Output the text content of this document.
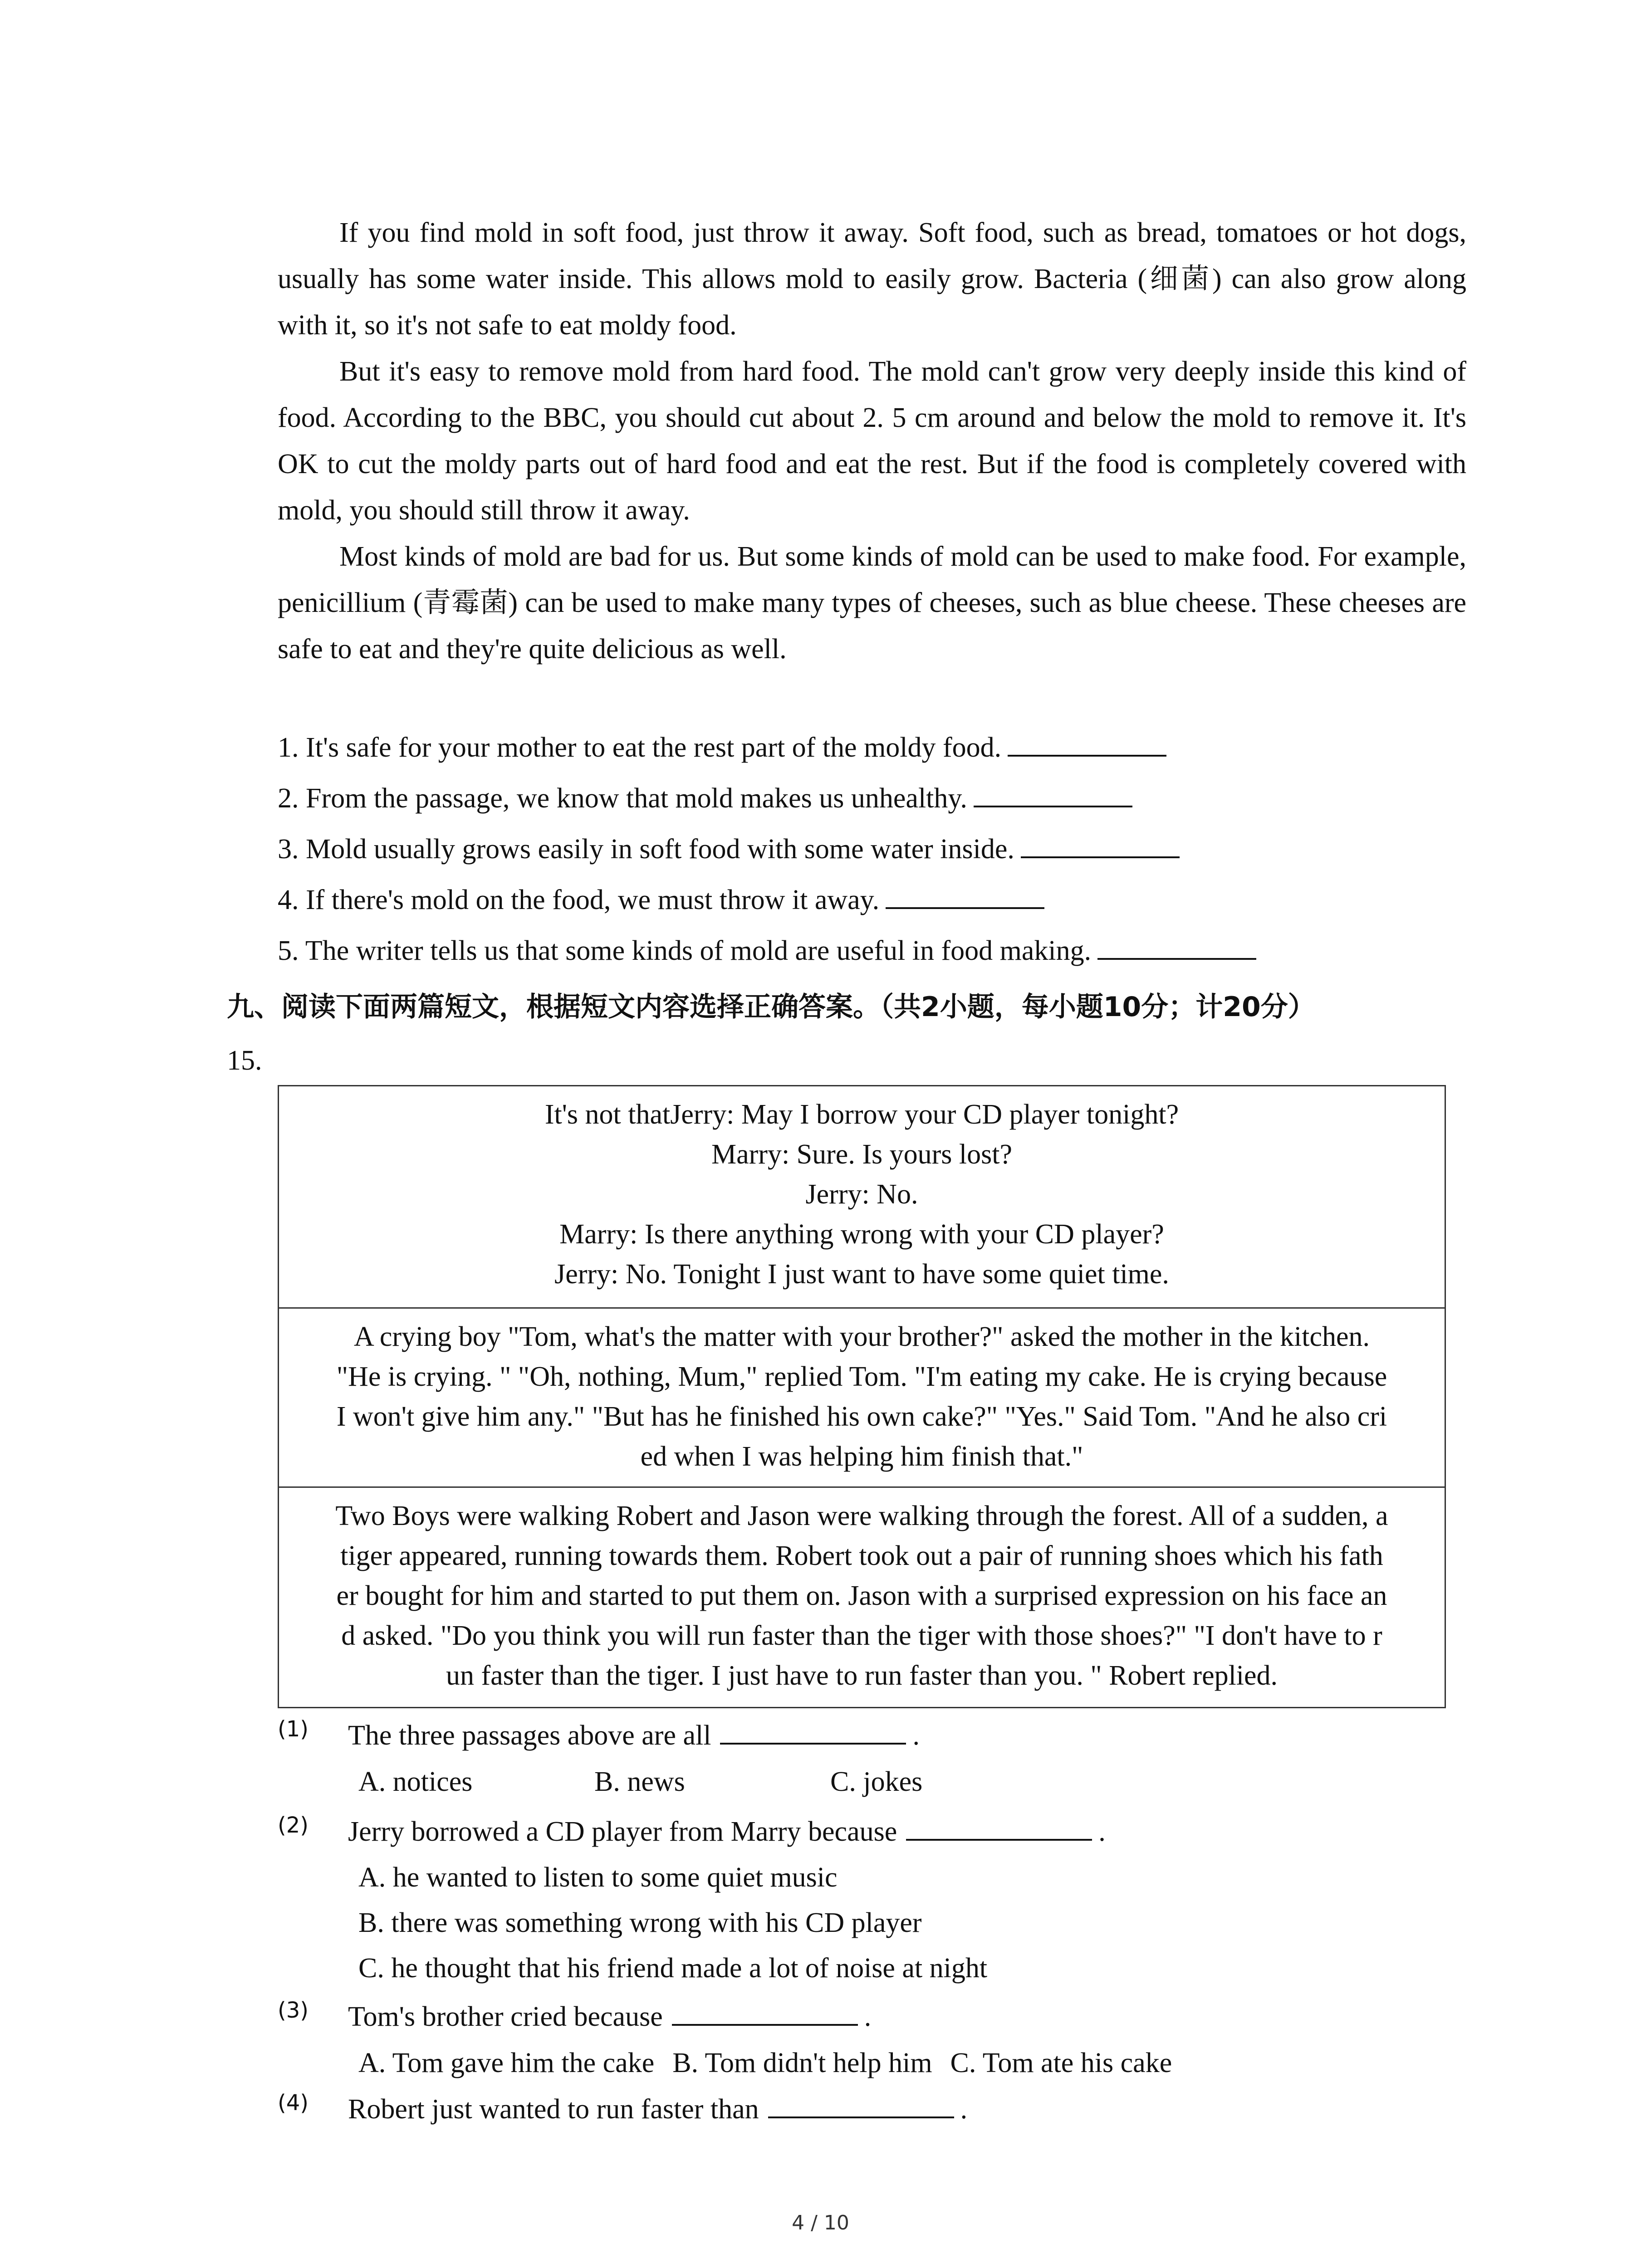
If you find mold in soft food, just throw it away. Soft food, such as bread, tomatoes or hot dogs, usually has some water inside. This allows mold to easily grow. Bacteria (细菌) can also grow along with it, so it's not safe to eat moldy food.

But it's easy to remove mold from hard food. The mold can't grow very deeply inside this kind of food. According to the BBC, you should cut about 2. 5 cm around and below the mold to remove it. It's OK to cut the moldy parts out of hard food and eat the rest. But if the food is completely covered with mold, you should still throw it away.

Most kinds of mold are bad for us. But some kinds of mold can be used to make food. For example, penicillium (青霉菌) can be used to make many types of cheeses, such as blue cheese. These cheeses are safe to eat and they're quite delicious as well.

1. It's safe for your mother to eat the rest part of the moldy food.
2. From the passage, we know that mold makes us unhealthy.
3. Mold usually grows easily in soft food with some water inside.
4. If there's mold on the food, we must throw it away.
5. The writer tells us that some kinds of mold are useful in food making.
九、阅读下面两篇短文，根据短文内容选择正确答案。（共2小题，每小题10分；计20分）
15.
It's not thatJerry: May I borrow your CD player tonight?
Marry: Sure. Is yours lost?
Jerry: No.
Marry: Is there anything wrong with your CD player?
Jerry: No. Tonight I just want to have some quiet time.
A crying boy "Tom, what's the matter with your brother?" asked the mother in the kitchen.
"He is crying. " "Oh, nothing, Mum," replied Tom. "I'm eating my cake. He is crying because
I won't give him any." "But has he finished his own cake?" "Yes." Said Tom. "And he also cri
ed when I was helping him finish that."
Two Boys were walking Robert and Jason were walking through the forest. All of a sudden, a
tiger appeared, running towards them. Robert took out a pair of running shoes which his fath
er bought for him and started to put them on. Jason with a surprised expression on his face an
d asked. "Do you think you will run faster than the tiger with those shoes?" "I don't have to r
un faster than the tiger. I just have to run faster than you. " Robert replied.
(1) The three passages above are all	.
A. notices	B. news	C. jokes
(2) Jerry borrowed a CD player from Marry because	.
A. he wanted to listen to some quiet music
B. there was something wrong with his CD player
C. he thought that his friend made a lot of noise at night
(3) Tom's brother cried because	.
A. Tom gave him the cake B. Tom didn't help him C. Tom ate his cake
(4) Robert just wanted to run faster than	.
4 / 10
